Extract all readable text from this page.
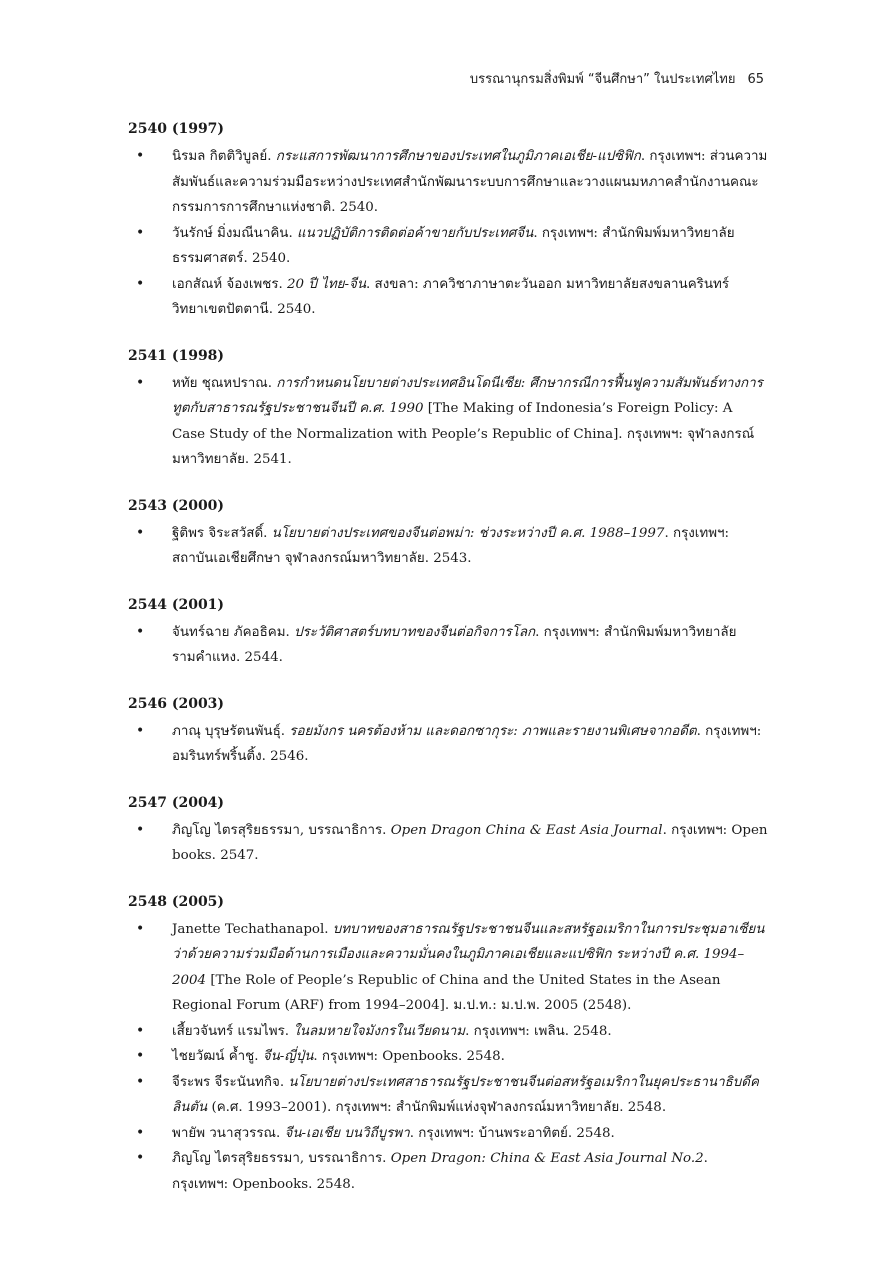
บรรณานุกรมสิ่งพิมพ์ “จีนศึกษา” ในประเทศไทย 65
2540 (1997)
• นิรมล กิตติวิบูลย์. กระแสการพัฒนาการศึกษาของประเทศในภูมิภาคเอเชีย-แปซิฟิก. กรุงเทพฯ: ส่วนความสัมพันธ์และความร่วมมือระหว่างประเทศสำนักพัฒนาระบบการศึกษาและวางแผนมหภาคสำนักงานคณะกรรมการการศึกษาแห่งชาติ. 2540.
• วันรักษ์ มิ่งมณีนาคิน. แนวปฏิบัติการติดต่อค้าขายกับประเทศจีน. กรุงเทพฯ: สำนักพิมพ์มหาวิทยาลัยธรรมศาสตร์. 2540.
• เอกสัณห์ จ้องเพชร. 20 ปี ไทย-จีน. สงขลา: ภาควิชาภาษาตะวันออก มหาวิทยาลัยสงขลานครินทร์ วิทยาเขตปัตตานี. 2540.
2541 (1998)
• หทัย ชุณหปราณ. การกำหนดนโยบายต่างประเทศอินโดนีเซีย: ศึกษากรณีการฟื้นฟูความสัมพันธ์ทางการทูตกับสาธารณรัฐประชาชนจีนปี ค.ศ. 1990 [The Making of Indonesia’s Foreign Policy: A Case Study of the Normalization with People’s Republic of China]. กรุงเทพฯ: จุฬาลงกรณ์มหาวิทยาลัย. 2541.
2543 (2000)
• ฐิติพร จิระสวัสดิ์. นโยบายต่างประเทศของจีนต่อพม่า: ช่วงระหว่างปี ค.ศ. 1988–1997. กรุงเทพฯ: สถาบันเอเชียศึกษา จุฬาลงกรณ์มหาวิทยาลัย. 2543.
2544 (2001)
• จันทร์ฉาย ภัคอธิคม. ประวัติศาสตร์บทบาทของจีนต่อกิจการโลก. กรุงเทพฯ: สำนักพิมพ์มหาวิทยาลัยรามคำแหง. 2544.
2546 (2003)
• ภาณุ บุรุษรัตนพันธุ์. รอยมังกร นครต้องห้าม และดอกซากุระ: ภาพและรายงานพิเศษจากอดีต. กรุงเทพฯ: อมรินทร์พริ้นติ้ง. 2546.
2547 (2004)
• ภิญโญ ไตรสุริยธรรมา, บรรณาธิการ. Open Dragon China & East Asia Journal. กรุงเทพฯ: Open books. 2547.
2548 (2005)
• Janette Techathanapol. บทบาทของสาธารณรัฐประชาชนจีนและสหรัฐอเมริกาในการประชุมอาเซียนว่าด้วยความร่วมมือด้านการเมืองและความมั่นคงในภูมิภาคเอเชียและแปซิฟิก ระหว่างปี ค.ศ. 1994–2004 [The Role of People’s Republic of China and the United States in the Asean Regional Forum (ARF) from 1994–2004]. ม.ป.ท.: ม.ป.พ. 2005 (2548).
• เสี้ยวจันทร์ แรมไพร. ในลมหายใจมังกรในเวียดนาม. กรุงเทพฯ: เพลิน. 2548.
• ไชยวัฒน์ ค้ำชู. จีน-ญี่ปุ่น. กรุงเทพฯ: Openbooks. 2548.
• จีระพร จีระนันทกิจ. นโยบายต่างประเทศสาธารณรัฐประชาชนจีนต่อสหรัฐอเมริกาในยุคประธานาธิบดีคลินตัน (ค.ศ. 1993–2001). กรุงเทพฯ: สำนักพิมพ์แห่งจุฬาลงกรณ์มหาวิทยาลัย. 2548.
• พายัพ วนาสุวรรณ. จีน-เอเชีย บนวิถีบูรพา. กรุงเทพฯ: บ้านพระอาทิตย์. 2548.
• ภิญโญ ไตรสุริยธรรมา, บรรณาธิการ. Open Dragon: China & East Asia Journal No.2. กรุงเทพฯ: Openbooks. 2548.
